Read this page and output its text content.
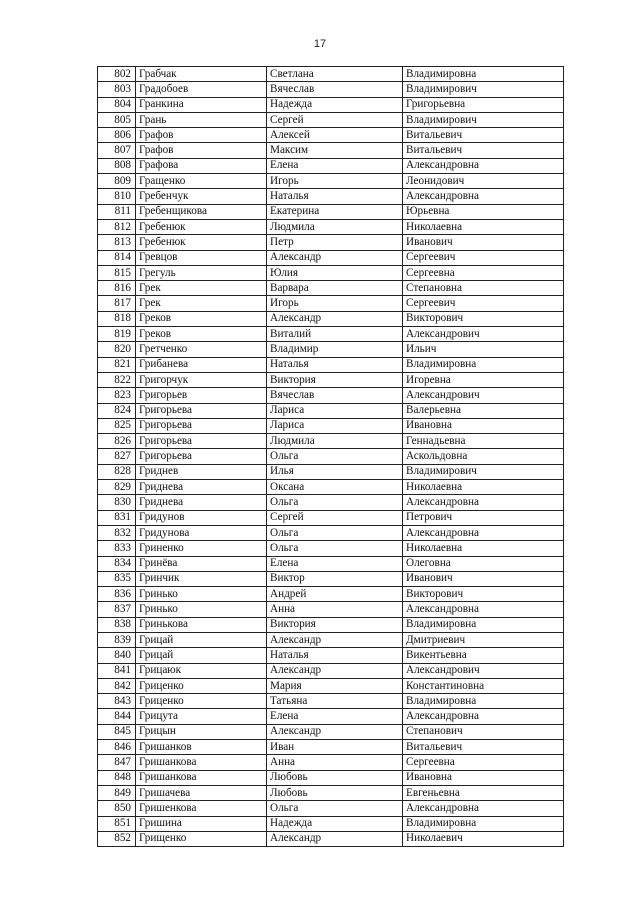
17
802	Грабчак	Светлана	Владимировна
803	Градобоев	Вячеслав	Владимирович
804	Гранкина	Надежда	Григорьевна
805	Грань	Сергей	Владимирович
806	Графов	Алексей	Витальевич
807	Графов	Максим	Витальевич
808	Графова	Елена	Александровна
809	Гращенко	Игорь	Леонидович
810	Гребенчук	Наталья	Александровна
811	Гребенщикова	Екатерина	Юрьевна
812	Гребенюк	Людмила	Николаевна
813	Гребенюк	Петр	Иванович
814	Гревцов	Александр	Сергеевич
815	Грегуль	Юлия	Сергеевна
816	Грек	Варвара	Степановна
817	Грек	Игорь	Сергеевич
818	Греков	Александр	Викторович
819	Греков	Виталий	Александрович
820	Гретченко	Владимир	Ильич
821	Грибанева	Наталья	Владимировна
822	Григорчук	Виктория	Игоревна
823	Григорьев	Вячеслав	Александрович
824	Григорьева	Лариса	Валерьевна
825	Григорьева	Лариса	Ивановна
826	Григорьева	Людмила	Геннадьевна
827	Григорьева	Ольга	Аскольдовна
828	Гриднев	Илья	Владимирович
829	Гриднева	Оксана	Николаевна
830	Гриднева	Ольга	Александровна
831	Гридунов	Сергей	Петрович
832	Гридунова	Ольга	Александровна
833	Гриненко	Ольга	Николаевна
834	Гринёва	Елена	Олеговна
835	Гринчик	Виктор	Иванович
836	Гринько	Андрей	Викторович
837	Гринько	Анна	Александровна
838	Гринькова	Виктория	Владимировна
839	Грицай	Александр	Дмитриевич
840	Грицай	Наталья	Викентьевна
841	Грицаюк	Александр	Александрович
842	Гриценко	Мария	Константиновна
843	Гриценко	Татьяна	Владимировна
844	Грицута	Елена	Александровна
845	Грицын	Александр	Степанович
846	Гришанков	Иван	Витальевич
847	Гришанкова	Анна	Сергеевна
848	Гришанкова	Любовь	Ивановна
849	Гришачева	Любовь	Евгеньевна
850	Гришенкова	Ольга	Александровна
851	Гришина	Надежда	Владимировна
852	Грищенко	Александр	Николаевич
